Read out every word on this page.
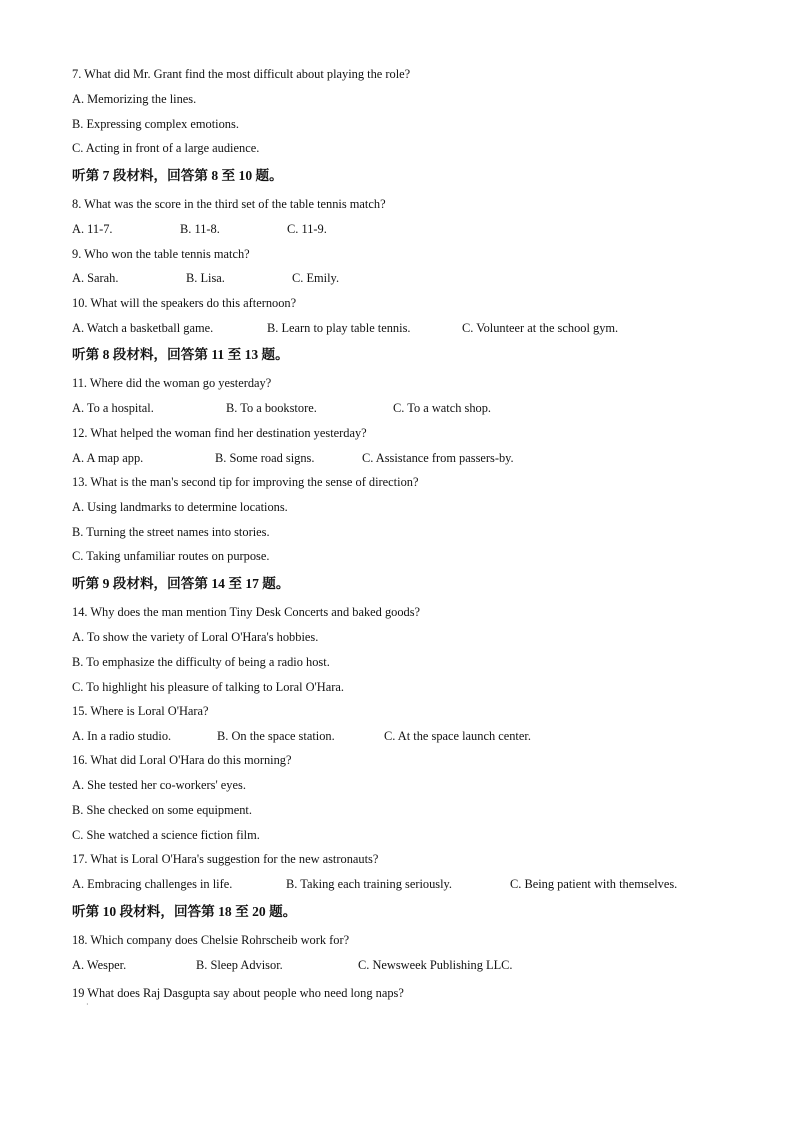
7. What did Mr. Grant find the most difficult about playing the role?
A. Memorizing the lines.
B. Expressing complex emotions.
C. Acting in front of a large audience.
听第 7 段材料，回答第 8 至 10 题。
8. What was the score in the third set of the table tennis match?
A. 11-7.	B. 11-8.	C. 11-9.
9. Who won the table tennis match?
A. Sarah.	B. Lisa.	C. Emily.
10. What will the speakers do this afternoon?
A. Watch a basketball game.	B. Learn to play table tennis.	C. Volunteer at the school gym.
听第 8 段材料，回答第 11 至 13 题。
11. Where did the woman go yesterday?
A. To a hospital.	B. To a bookstore.	C. To a watch shop.
12. What helped the woman find her destination yesterday?
A. A map app.	B. Some road signs.	C. Assistance from passers-by.
13. What is the man's second tip for improving the sense of direction?
A. Using landmarks to determine locations.
B. Turning the street names into stories.
C. Taking unfamiliar routes on purpose.
听第 9 段材料，回答第 14 至 17 题。
14. Why does the man mention Tiny Desk Concerts and baked goods?
A. To show the variety of Loral O'Hara's hobbies.
B. To emphasize the difficulty of being a radio host.
C. To highlight his pleasure of talking to Loral O'Hara.
15. Where is Loral O'Hara?
A. In a radio studio.	B. On the space station.	C. At the space launch center.
16. What did Loral O'Hara do this morning?
A. She tested her co-workers' eyes.
B. She checked on some equipment.
C. She watched a science fiction film.
17. What is Loral O'Hara's suggestion for the new astronauts?
A. Embracing challenges in life.	B. Taking each training seriously.	C. Being patient with themselves.
听第 10 段材料，回答第 18 至 20 题。
18. Which company does Chelsie Rohrscheib work for?
A. Wesper.	B. Sleep Advisor.	C. Newsweek Publishing LLC.
19 What does Raj Dasgupta say about people who need long naps?
·
